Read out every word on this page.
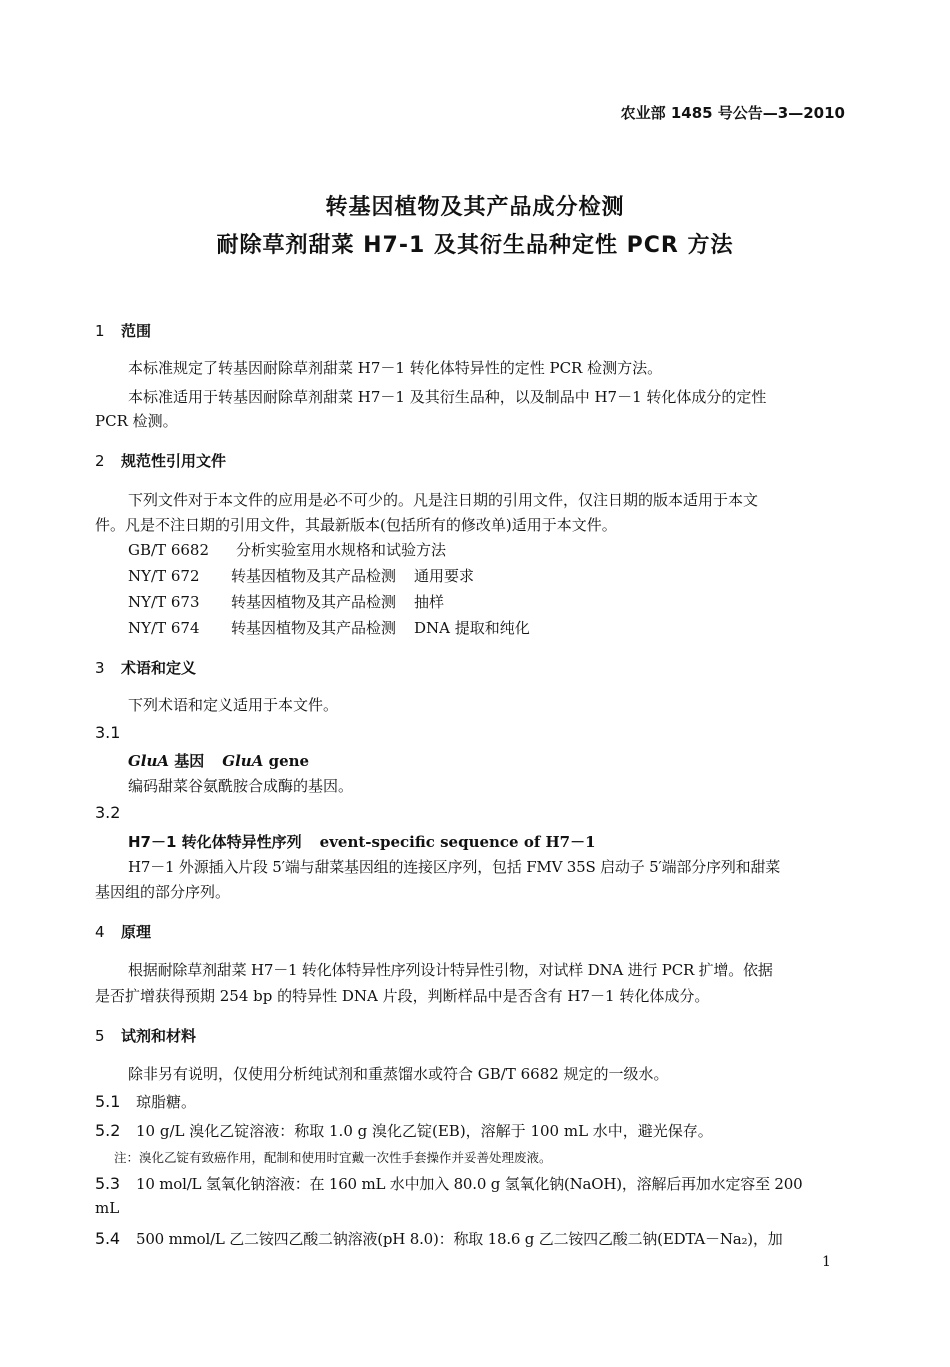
农业部 1485 号公告—3—2010
转基因植物及其产品成分检测
耐除草剂甜菜 H7-1 及其衍生品种定性 PCR 方法
1 范围
本标准规定了转基因耐除草剂甜菜 H7－1 转化体特异性的定性 PCR 检测方法。
本标准适用于转基因耐除草剂甜菜 H7－1 及其衍生品种，以及制品中 H7－1 转化体成分的定性
PCR 检测。
2 规范性引用文件
下列文件对于本文件的应用是必不可少的。凡是注日期的引用文件，仅注日期的版本适用于本文
件。凡是不注日期的引用文件，其最新版本(包括所有的修改单)适用于本文件。
GB/T 6682 分析实验室用水规格和试验方法
NY/T 672 转基因植物及其产品检测 通用要求
NY/T 673 转基因植物及其产品检测 抽样
NY/T 674 转基因植物及其产品检测 DNA 提取和纯化
3 术语和定义
下列术语和定义适用于本文件。
3.1
GluA 基因 GluA gene
编码甜菜谷氨酰胺合成酶的基因。
3.2
H7－1 转化体特异性序列 event-specific sequence of H7－1
H7－1 外源插入片段 5′端与甜菜基因组的连接区序列，包括 FMV 35S 启动子 5′端部分序列和甜菜
基因组的部分序列。
4 原理
根据耐除草剂甜菜 H7－1 转化体特异性序列设计特异性引物，对试样 DNA 进行 PCR 扩增。依据
是否扩增获得预期 254 bp 的特异性 DNA 片段，判断样品中是否含有 H7－1 转化体成分。
5 试剂和材料
除非另有说明，仅使用分析纯试剂和重蒸馏水或符合 GB/T 6682 规定的一级水。
5.1 琼脂糖。
5.2 10 g/L 溴化乙锭溶液：称取 1.0 g 溴化乙锭(EB)，溶解于 100 mL 水中，避光保存。
注：溴化乙锭有致癌作用，配制和使用时宜戴一次性手套操作并妥善处理废液。
5.3 10 mol/L 氢氧化钠溶液：在 160 mL 水中加入 80.0 g 氢氧化钠(NaOH)，溶解后再加水定容至 200
mL
5.4 500 mmol/L 乙二铵四乙酸二钠溶液(pH 8.0)：称取 18.6 g 乙二铵四乙酸二钠(EDTA－Na₂)，加
1
